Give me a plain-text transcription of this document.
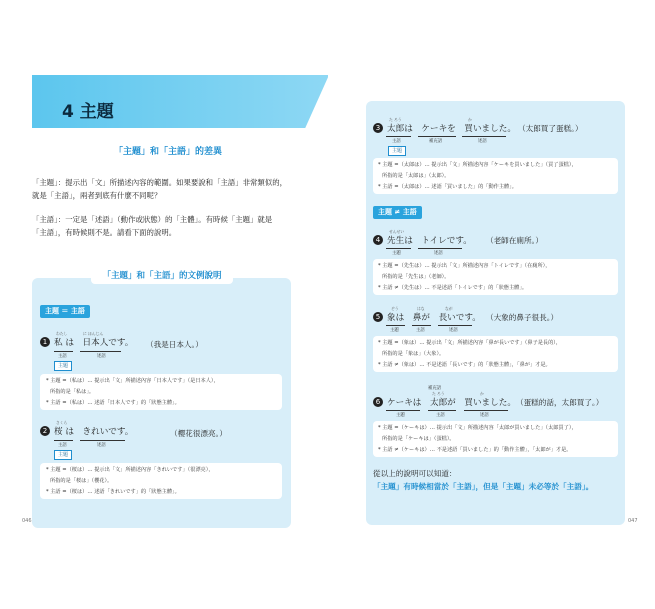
4 主題
「主題」和「主語」的差異
「主題」：提示出「文」所描述內容的範圍。如果要說和「主語」非常類似的，
就是「主語」，兩者到底有什麼不同呢？
「主語」：一定是「述語」（動作或狀態）的「主體」。有時候「主題」就是
「主語」，有時候則不是。請看下面的說明。
「主題」和「主語」的文例說明
主題 ＝ 主語
わたし	に ほんじん
1 私 は　日本人です。
主語	述語
主題
（我是日本人。）
* 主題 =（私は）… 提示出「文」所描述內容「日本人です」（是日本人），
所指的是「私は」。
* 主語 =（私は）… 述語「日本人です」的「狀態主體」。
さくら
2 桜 は　きれいです。
主語	述語
主題
（櫻花很漂亮。）
* 主題 =（桜は）… 提示出「文」所描述內容「きれいです」（很漂亮），
所指的是「桜は」（櫻花）。
* 主語 =（桜は）… 述語「きれいです」的「狀態主體」。
046
た ろう	か
3 太郎は　ケーキを　買いました。 （太郎買了蛋糕。）
主語	補充語	述語
主題
* 主題 =（太郎は）… 提示出「文」所描述內容「ケーキを買いました」（買了蛋糕），
所指的是「太郎は」（太郎）。
* 主語 =（太郎は）… 述語「買いました」的「動作主體」。
主題 ≠ 主語
せんせい
4 先生は　トイレです。 （老師在廁所。）
主題	述語
* 主題 =（先生は）… 提示出「文」所描述內容「トイレです」（在廁所），
所指的是「先生は」（老師）。
* 主語 ≠（先生は）… 不是述語「トイレです」的「狀態主體」。
ぞう	はな	なが
5 象は　鼻が　長いです。 （大象的鼻子很長。）
主題	主語	述語
* 主題 =（象は）… 提示出「文」所描述內容「鼻が長いです」（鼻子是長的），
所指的是「象は」（大象）。
* 主語 ≠（象は）… 不是述語「長いです」的「狀態主體」，「鼻が」才是。
た ろう	か
補充語
6 ケーキは　太郎が　買いました。 （蛋糕的話，太郎買了。）
主題	主語	述語
* 主題 =（ケーキは）… 提示出「文」所描述內容「太郎が買いました」（太郎買了），
所指的是「ケーキは」（蛋糕）。
* 主語 ≠（ケーキは）… 不是述語「買いました」的「動作主體」，「太郎が」才是。
從以上的說明可以知道：
「主題」有時候相當於「主語」，但是「主題」未必等於「主語」。
047
